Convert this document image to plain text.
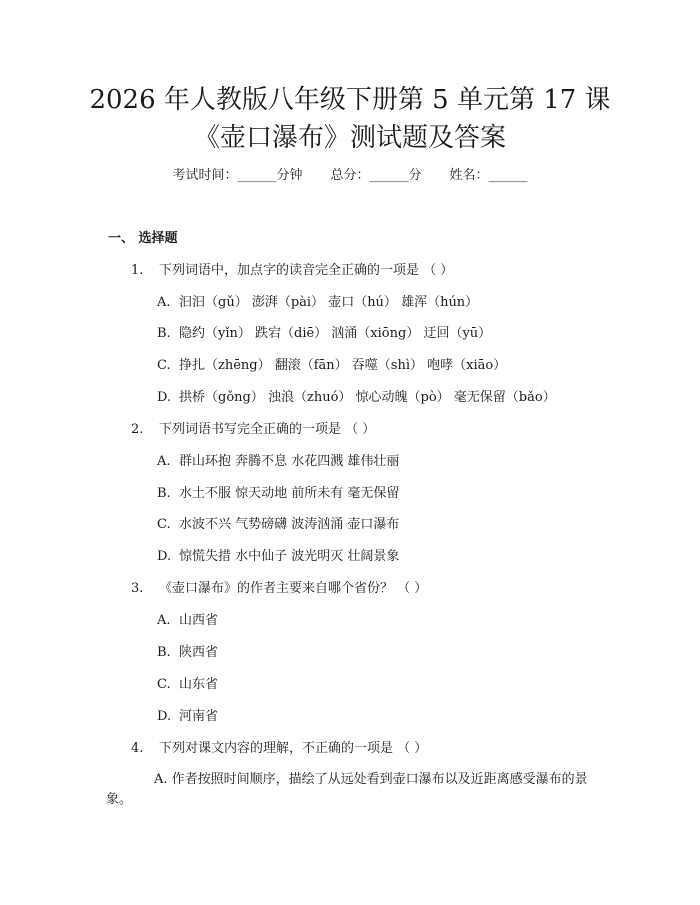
2026 年人教版八年级下册第 5 单元第 17 课
《壶口瀑布》测试题及答案
考试时间：______分钟 总分：______分 姓名：______
一、 选择题
1. 下列词语中，加点字的读音完全正确的一项是 （ ）
A. 汩汩（gǔ） 澎湃（pài） 壶口（hú） 雄浑（hún）
B. 隐约（yǐn） 跌宕（diē） 汹涌（xiōng） 迂回（yū）
C. 挣扎（zhēng） 翻滚（fān） 吞噬（shì） 咆哮（xiāo）
D. 拱桥（gǒng） 浊浪（zhuó） 惊心动魄（pò） 毫无保留（bǎo）
2. 下列词语书写完全正确的一项是 （ ）
A. 群山环抱 奔腾不息 水花四溅 雄伟壮丽
B. 水土不服 惊天动地 前所未有 毫无保留
C. 水波不兴 气势磅礴 波涛汹涌 壶口瀑布
D. 惊慌失措 水中仙子 波光明灭 壮阔景象
3. 《壶口瀑布》的作者主要来自哪个省份？ （ ）
A. 山西省
B. 陕西省
C. 山东省
D. 河南省
4. 下列对课文内容的理解，不正确的一项是 （ ）
A. 作者按照时间顺序，描绘了从远处看到壶口瀑布以及近距离感受瀑布的景象。
